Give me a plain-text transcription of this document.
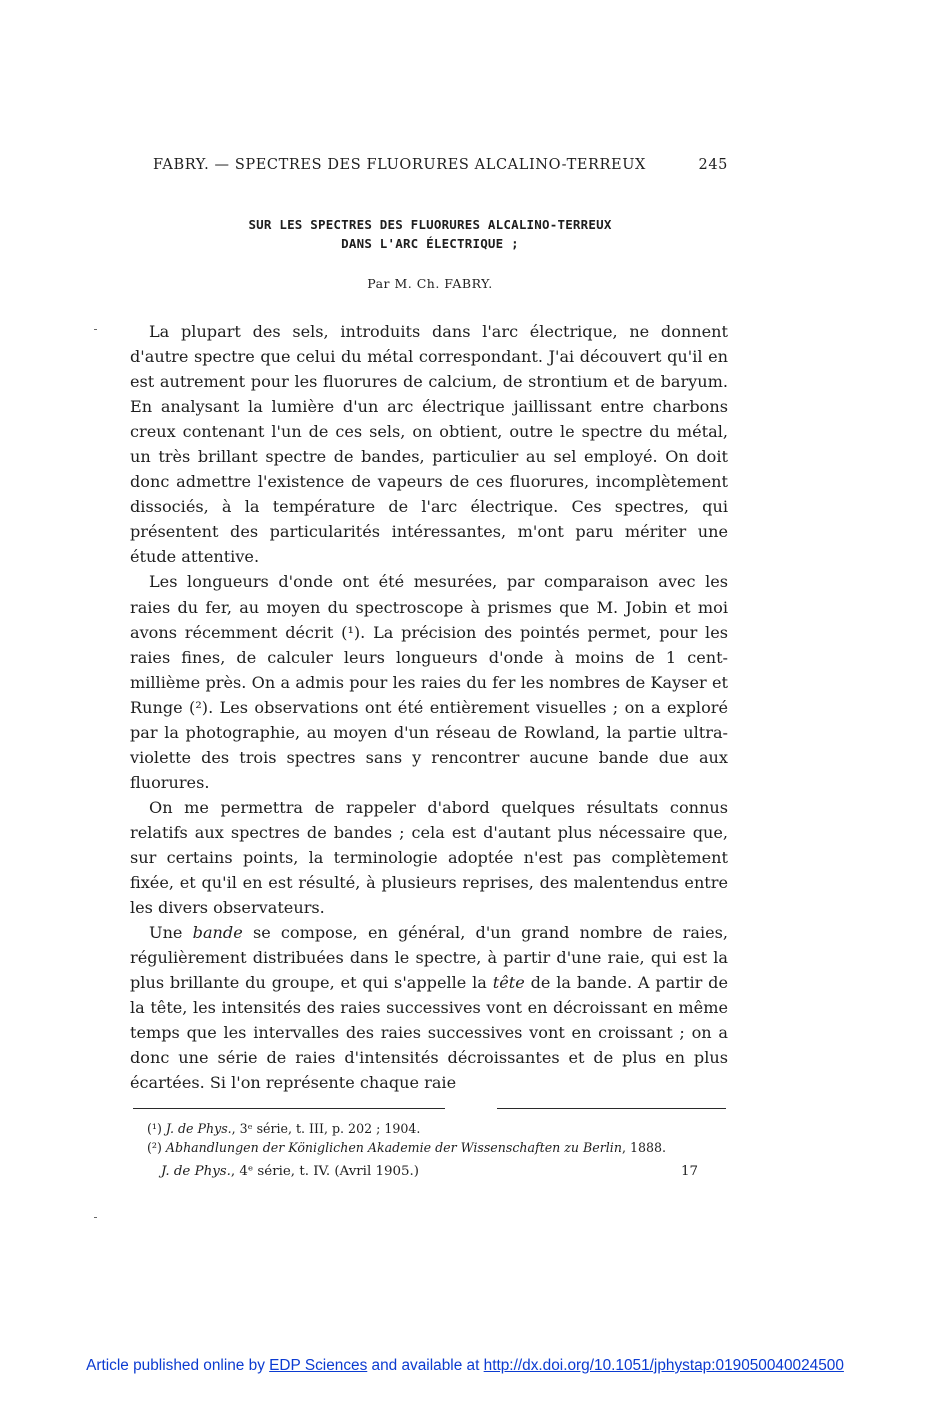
FABRY. — SPECTRES DES FLUORURES ALCALINO-TERREUX	245
SUR LES SPECTRES DES FLUORURES ALCALINO-TERREUX
DANS L'ARC ÉLECTRIQUE ;
Par M. Ch. FABRY.

La plupart des sels, introduits dans l'arc électrique, ne donnent d'autre spectre que celui du métal correspondant. J'ai découvert qu'il en est autrement pour les fluorures de calcium, de strontium et de baryum. En analysant la lumière d'un arc électrique jaillissant entre charbons creux contenant l'un de ces sels, on obtient, outre le spectre du métal, un très brillant spectre de bandes, particulier au sel employé. On doit donc admettre l'existence de vapeurs de ces fluorures, incomplètement dissociés, à la température de l'arc électrique. Ces spectres, qui présentent des particularités intéressantes, m'ont paru mériter une étude attentive.

Les longueurs d'onde ont été mesurées, par comparaison avec les raies du fer, au moyen du spectroscope à prismes que M. Jobin et moi avons récemment décrit (¹). La précision des pointés permet, pour les raies fines, de calculer leurs longueurs d'onde à moins de 1 cent-millième près. On a admis pour les raies du fer les nombres de Kayser et Runge (²). Les observations ont été entièrement visuelles ; on a exploré par la photographie, au moyen d'un réseau de Rowland, la partie ultra-violette des trois spectres sans y rencontrer aucune bande due aux fluorures.

On me permettra de rappeler d'abord quelques résultats connus relatifs aux spectres de bandes ; cela est d'autant plus nécessaire que, sur certains points, la terminologie adoptée n'est pas complètement fixée, et qu'il en est résulté, à plusieurs reprises, des malentendus entre les divers observateurs.

Une bande se compose, en général, d'un grand nombre de raies, régulièrement distribuées dans le spectre, à partir d'une raie, qui est la plus brillante du groupe, et qui s'appelle la tête de la bande. A partir de la tête, les intensités des raies successives vont en décroissant en même temps que les intervalles des raies successives vont en croissant ; on a donc une série de raies d'intensités décroissantes et de plus en plus écartées. Si l'on représente chaque raie

(¹) J. de Phys., 3ᵉ série, t. III, p. 202 ; 1904.
(²) Abhandlungen der Königlichen Akademie der Wissenschaften zu Berlin, 1888.
J. de Phys., 4ᵉ série, t. IV. (Avril 1905.)	17
Article published online by EDP Sciences and available at http://dx.doi.org/10.1051/jphystap:019050040024500
